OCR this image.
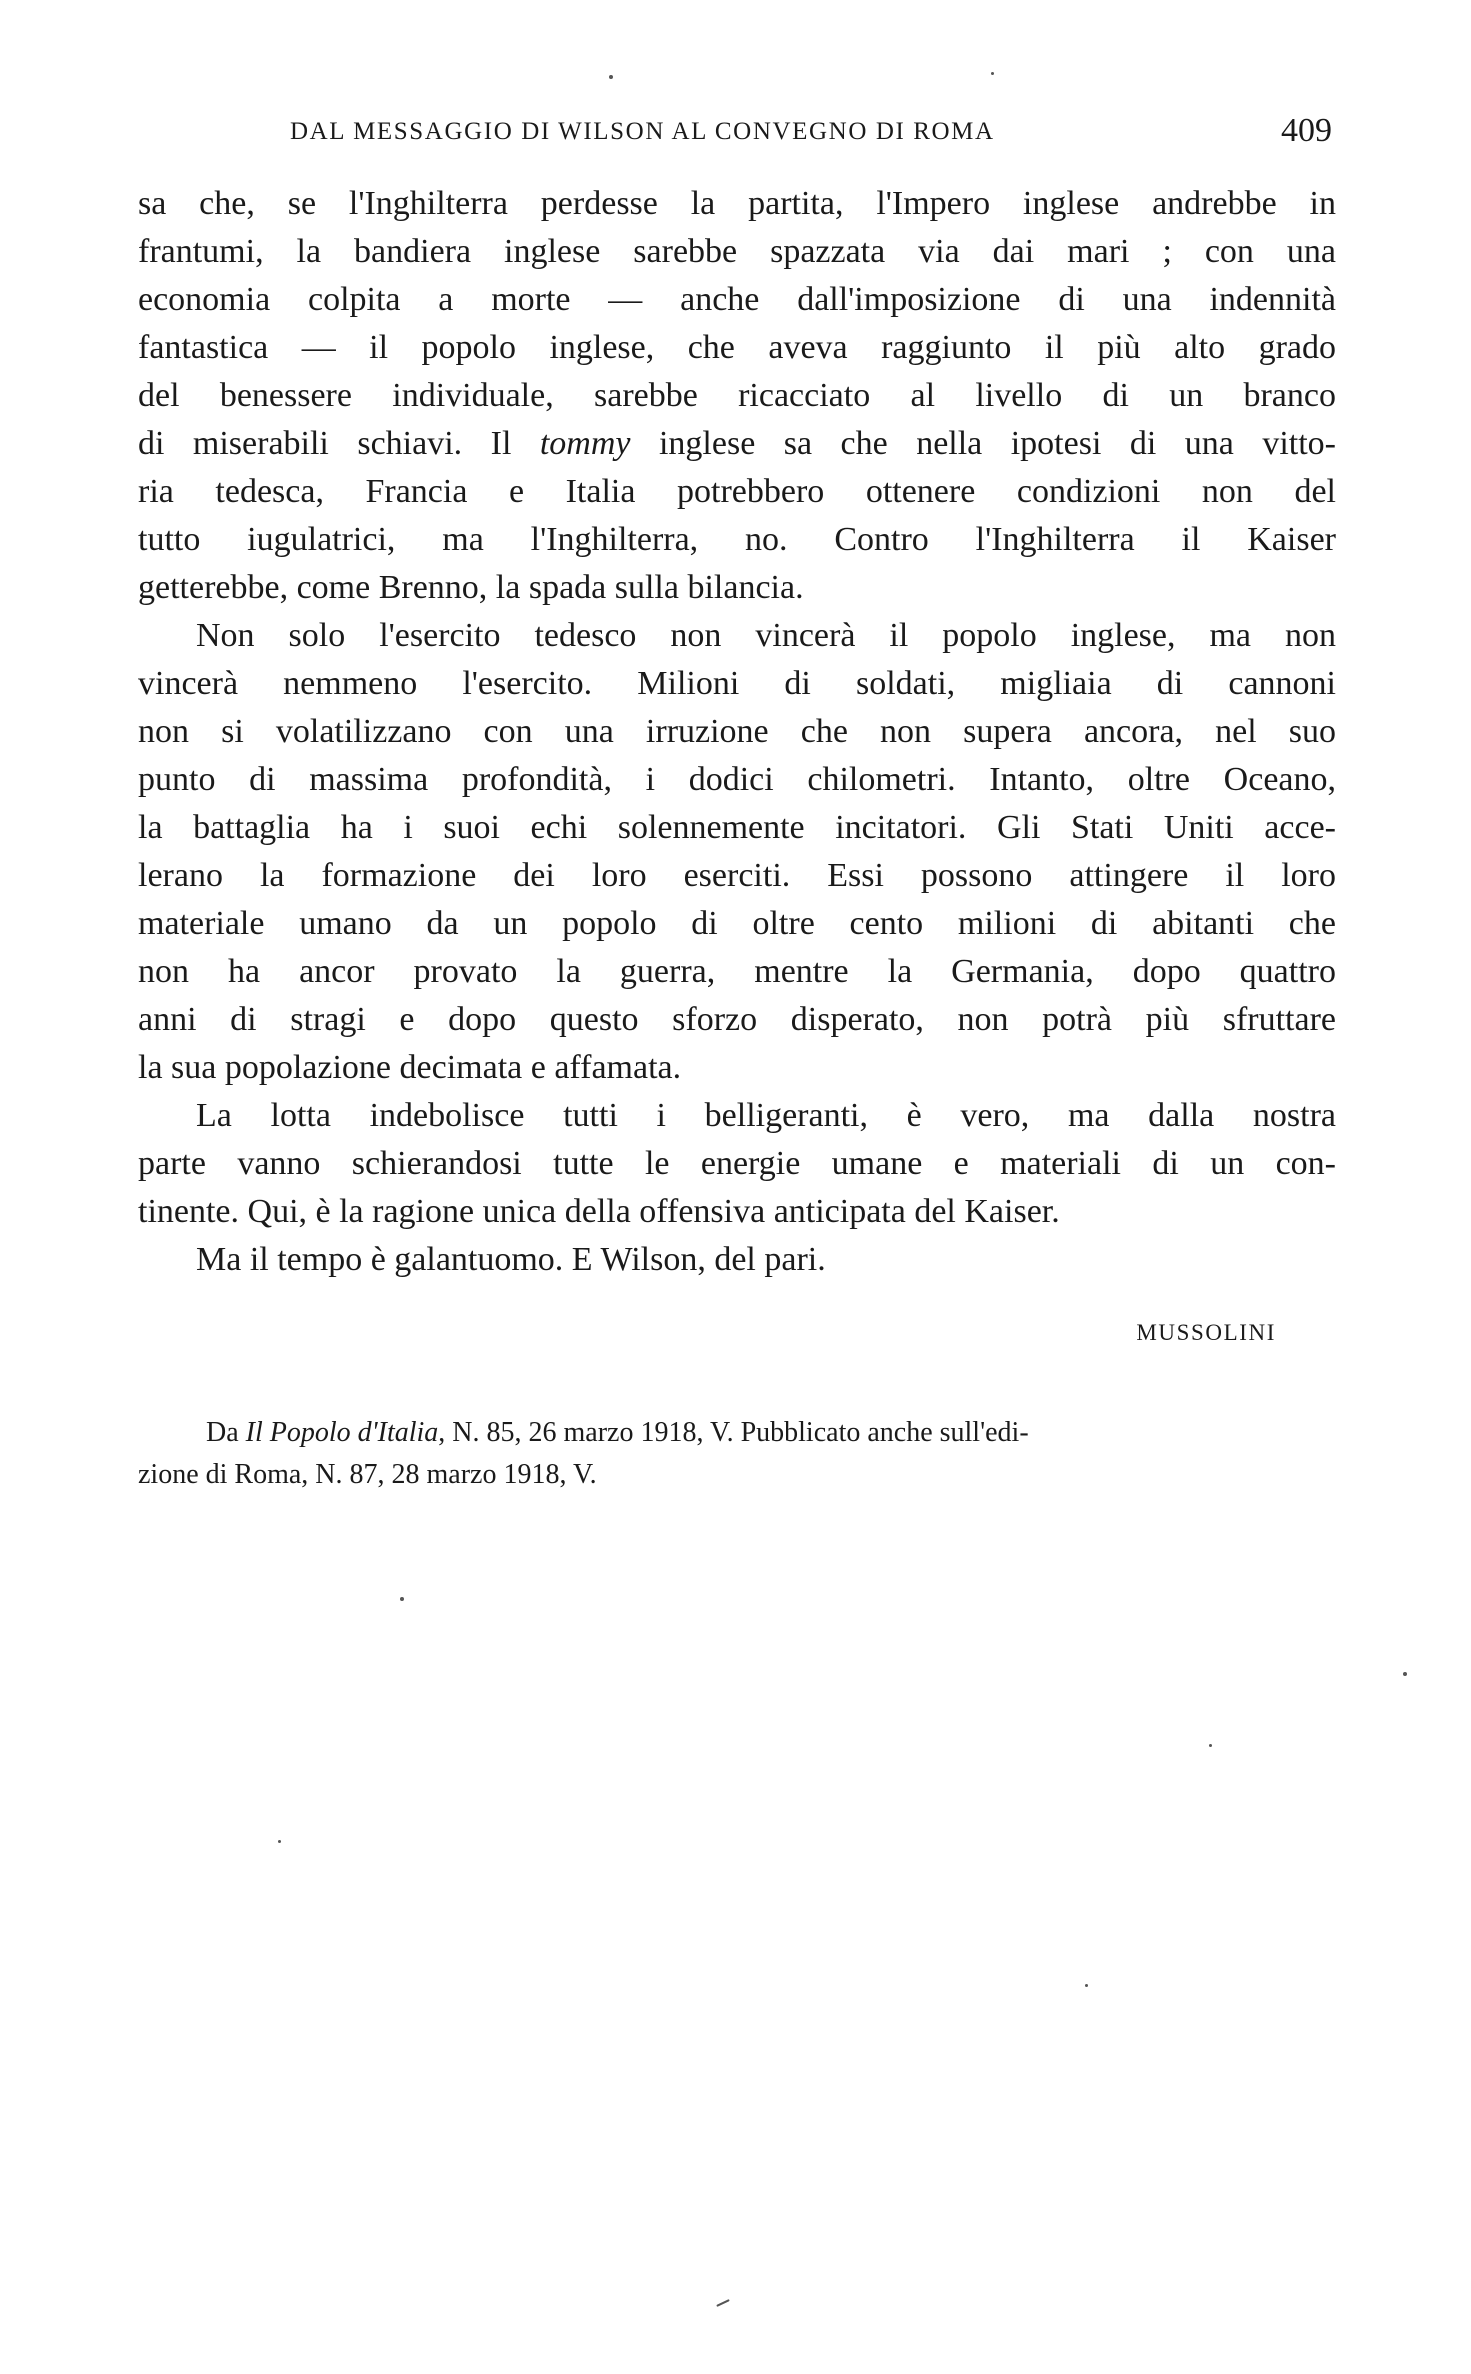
DAL MESSAGGIO DI WILSON AL CONVEGNO DI ROMA	409
sa che, se l'Inghilterra perdesse la partita, l'Impero inglese andrebbe in
frantumi, la bandiera inglese sarebbe spazzata via dai mari ; con una
economia colpita a morte — anche dall'imposizione di una indennità
fantastica — il popolo inglese, che aveva raggiunto il più alto grado
del benessere individuale, sarebbe ricacciato al livello di un branco
di miserabili schiavi. Il tommy inglese sa che nella ipotesi di una vitto-
ria tedesca, Francia e Italia potrebbero ottenere condizioni non del
tutto iugulatrici, ma l'Inghilterra, no. Contro l'Inghilterra il Kaiser
getterebbe, come Brenno, la spada sulla bilancia.
Non solo l'esercito tedesco non vincerà il popolo inglese, ma non
vincerà nemmeno l'esercito. Milioni di soldati, migliaia di cannoni
non si volatilizzano con una irruzione che non supera ancora, nel suo
punto di massima profondità, i dodici chilometri. Intanto, oltre Oceano,
la battaglia ha i suoi echi solennemente incitatori. Gli Stati Uniti acce-
lerano la formazione dei loro eserciti. Essi possono attingere il loro
materiale umano da un popolo di oltre cento milioni di abitanti che
non ha ancor provato la guerra, mentre la Germania, dopo quattro
anni di stragi e dopo questo sforzo disperato, non potrà più sfruttare
la sua popolazione decimata e affamata.
La lotta indebolisce tutti i belligeranti, è vero, ma dalla nostra
parte vanno schierandosi tutte le energie umane e materiali di un con-
tinente. Qui, è la ragione unica della offensiva anticipata del Kaiser.
Ma il tempo è galantuomo. E Wilson, del pari.
MUSSOLINI
Da Il Popolo d'Italia, N. 85, 26 marzo 1918, V. Pubblicato anche sull'edi-
zione di Roma, N. 87, 28 marzo 1918, V.
